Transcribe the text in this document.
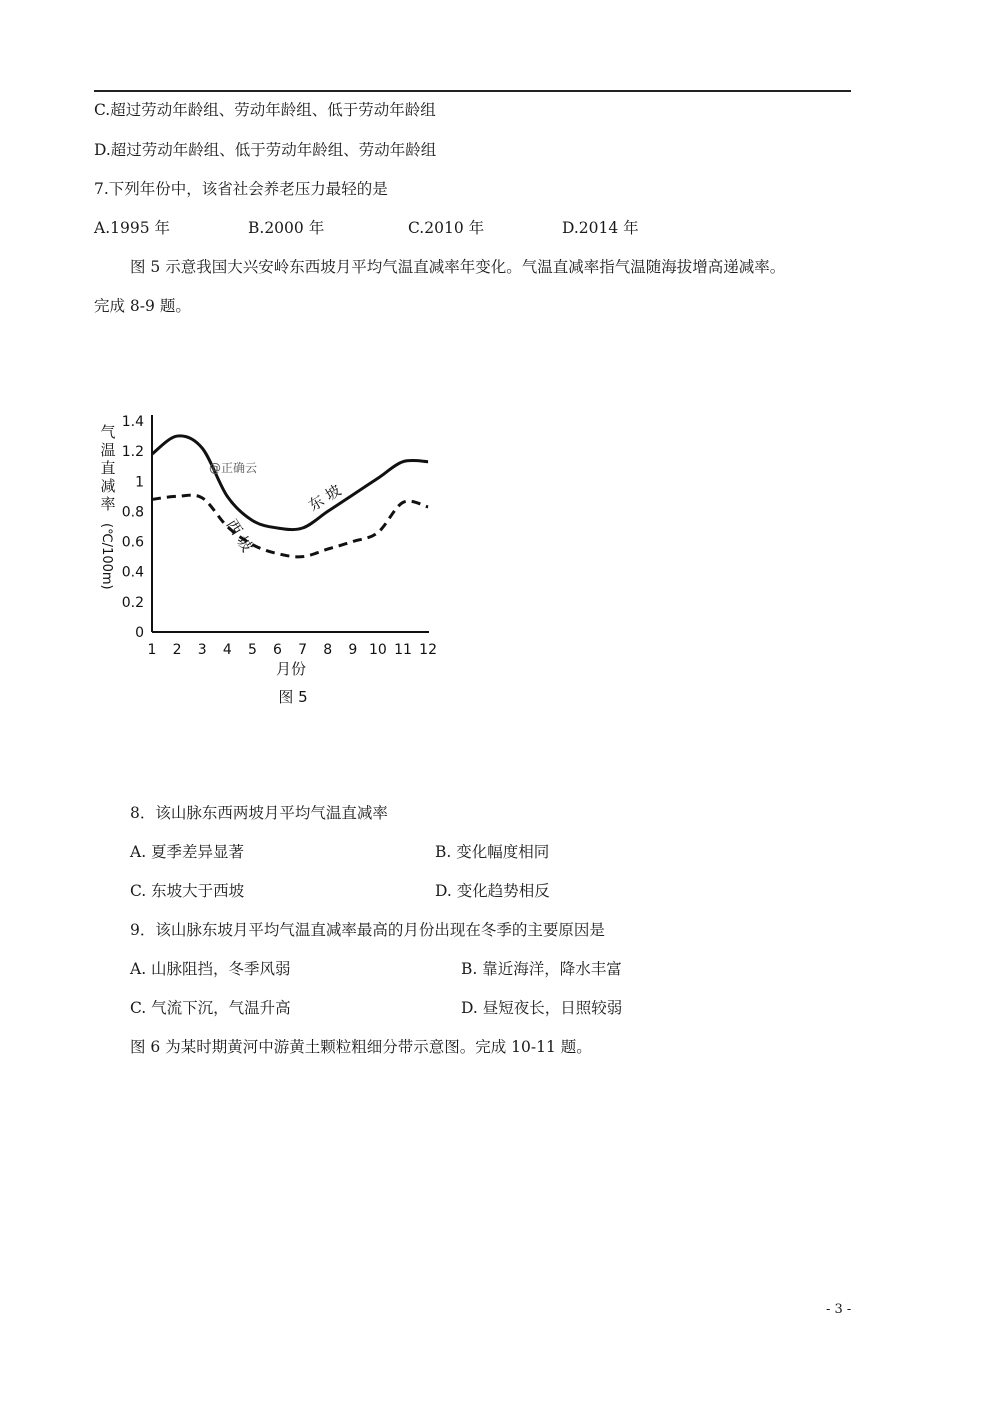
C.超过劳动年龄组、劳动年龄组、低于劳动年龄组
D.超过劳动年龄组、低于劳动年龄组、劳动年龄组
7.下列年份中，该省社会养老压力最轻的是
A.1995 年	B.2000 年	C.2010 年	D.2014 年
图 5 示意我国大兴安岭东西坡月平均气温直减率年变化。气温直减率指气温随海拔增高递减率。
完成 8-9 题。
气
温
直
减
率
(℃/100m)
0
0.2
0.4
0.6
0.8
1
1.2
1.4
1 2 3 4 5 6 7 8 9 10 11 12
东 坡
西 坡
@正确云
月份
图 5
8．该山脉东西两坡月平均气温直减率
A. 夏季差异显著	B. 变化幅度相同
C. 东坡大于西坡	D. 变化趋势相反
9．该山脉东坡月平均气温直减率最高的月份出现在冬季的主要原因是
A. 山脉阻挡，冬季风弱	B. 靠近海洋，降水丰富
C. 气流下沉，气温升高	D. 昼短夜长，日照较弱
图 6 为某时期黄河中游黄土颗粒粗细分带示意图。完成 10-11 题。
- 3 -
